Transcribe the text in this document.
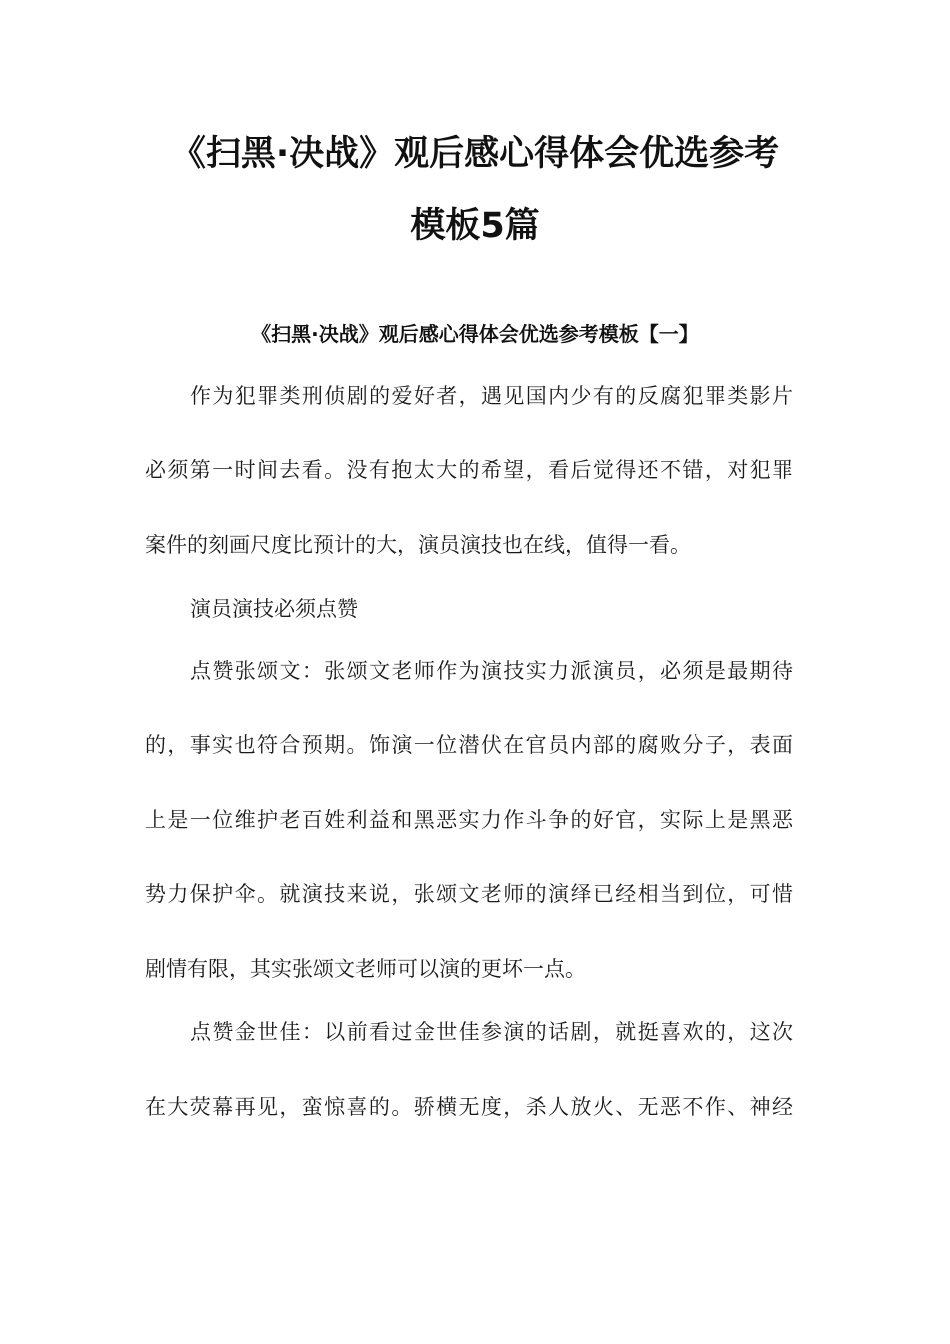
《扫黑·决战》观后感心得体会优选参考
模板5篇
《扫黑·决战》观后感心得体会优选参考模板【一】
作为犯罪类刑侦剧的爱好者，遇见国内少有的反腐犯罪类影片
必须第一时间去看。没有抱太大的希望，看后觉得还不错，对犯罪
案件的刻画尺度比预计的大，演员演技也在线，值得一看。
演员演技必须点赞
点赞张颂文：张颂文老师作为演技实力派演员，必须是最期待
的，事实也符合预期。饰演一位潜伏在官员内部的腐败分子，表面
上是一位维护老百姓利益和黑恶实力作斗争的好官，实际上是黑恶
势力保护伞。就演技来说，张颂文老师的演绎已经相当到位，可惜
剧情有限，其实张颂文老师可以演的更坏一点。
点赞金世佳：以前看过金世佳参演的话剧，就挺喜欢的，这次
在大荧幕再见，蛮惊喜的。骄横无度，杀人放火、无恶不作、神经
